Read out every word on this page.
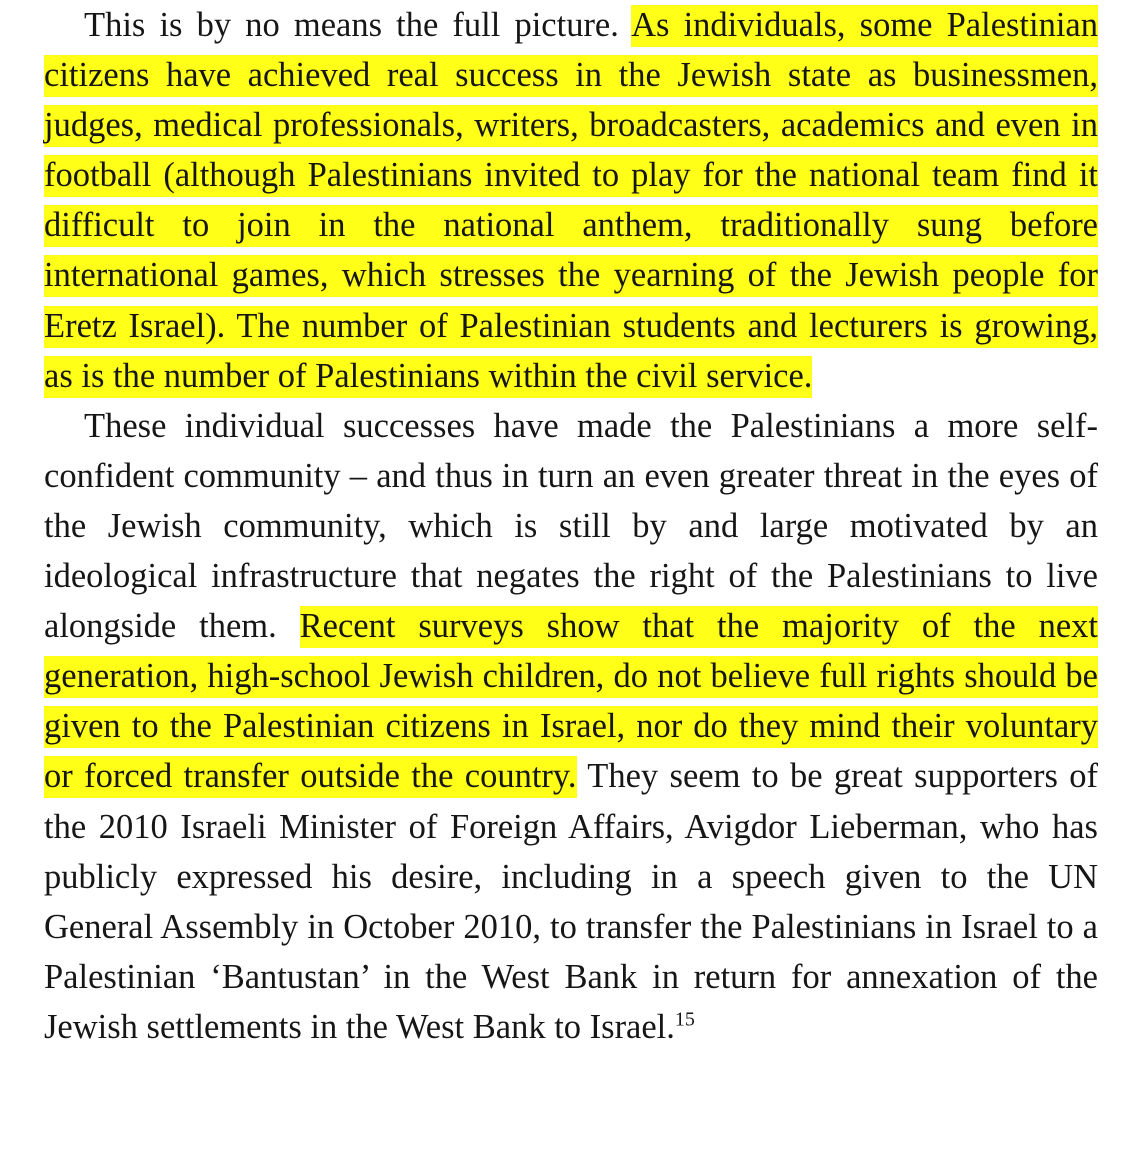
This is by no means the full picture. As individuals, some Palestinian citizens have achieved real success in the Jewish state as businessmen, judges, medical professionals, writers, broadcasters, academics and even in football (although Palestinians invited to play for the national team find it difficult to join in the national anthem, traditionally sung before international games, which stresses the yearning of the Jewish people for Eretz Israel). The number of Palestinian students and lecturers is growing, as is the number of Palestinians within the civil service.

These individual successes have made the Palestinians a more self-confident community – and thus in turn an even greater threat in the eyes of the Jewish community, which is still by and large motivated by an ideological infrastructure that negates the right of the Palestinians to live alongside them. Recent surveys show that the majority of the next generation, high-school Jewish children, do not believe full rights should be given to the Palestinian citizens in Israel, nor do they mind their voluntary or forced transfer outside the country. They seem to be great supporters of the 2010 Israeli Minister of Foreign Affairs, Avigdor Lieberman, who has publicly expressed his desire, including in a speech given to the UN General Assembly in October 2010, to transfer the Palestinians in Israel to a Palestinian ‘Bantustan’ in the West Bank in return for annexation of the Jewish settlements in the West Bank to Israel.$^{15}$
